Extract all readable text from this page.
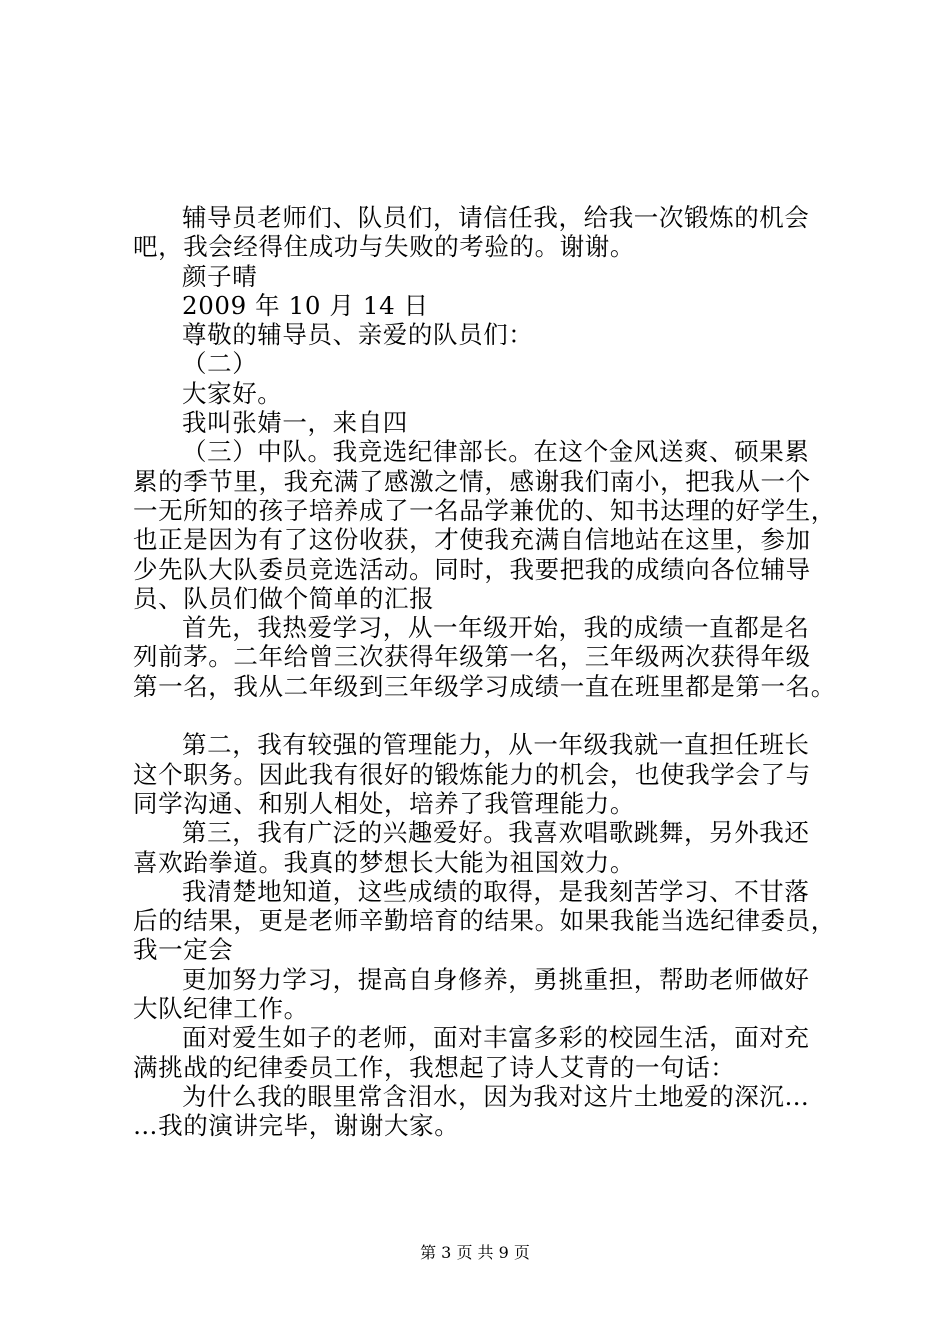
辅导员老师们、队员们，请信任我，给我一次锻炼的机会
吧，我会经得住成功与失败的考验的。谢谢。
颜子晴
2009 年 10 月 14 日
尊敬的辅导员、亲爱的队员们：
（二）
大家好。
我叫张婧一，来自四
（三）中队。我竞选纪律部长。在这个金风送爽、硕果累
累的季节里，我充满了感激之情，感谢我们南小，把我从一个
一无所知的孩子培养成了一名品学兼优的、知书达理的好学生，
也正是因为有了这份收获，才使我充满自信地站在这里，参加
少先队大队委员竞选活动。同时，我要把我的成绩向各位辅导
员、队员们做个简单的汇报
首先，我热爱学习，从一年级开始，我的成绩一直都是名
列前茅。二年给曾三次获得年级第一名，三年级两次获得年级
第一名，我从二年级到三年级学习成绩一直在班里都是第一名。
第二，我有较强的管理能力，从一年级我就一直担任班长
这个职务。因此我有很好的锻炼能力的机会，也使我学会了与
同学沟通、和别人相处，培养了我管理能力。
第三，我有广泛的兴趣爱好。我喜欢唱歌跳舞，另外我还
喜欢跆拳道。我真的梦想长大能为祖国效力。
我清楚地知道，这些成绩的取得，是我刻苦学习、不甘落
后的结果，更是老师辛勤培育的结果。如果我能当选纪律委员，
我一定会
更加努力学习，提高自身修养，勇挑重担，帮助老师做好
大队纪律工作。
面对爱生如子的老师，面对丰富多彩的校园生活，面对充
满挑战的纪律委员工作，我想起了诗人艾青的一句话：
为什么我的眼里常含泪水，因为我对这片土地爱的深沉…
…我的演讲完毕，谢谢大家。
第 3 页 共 9 页
